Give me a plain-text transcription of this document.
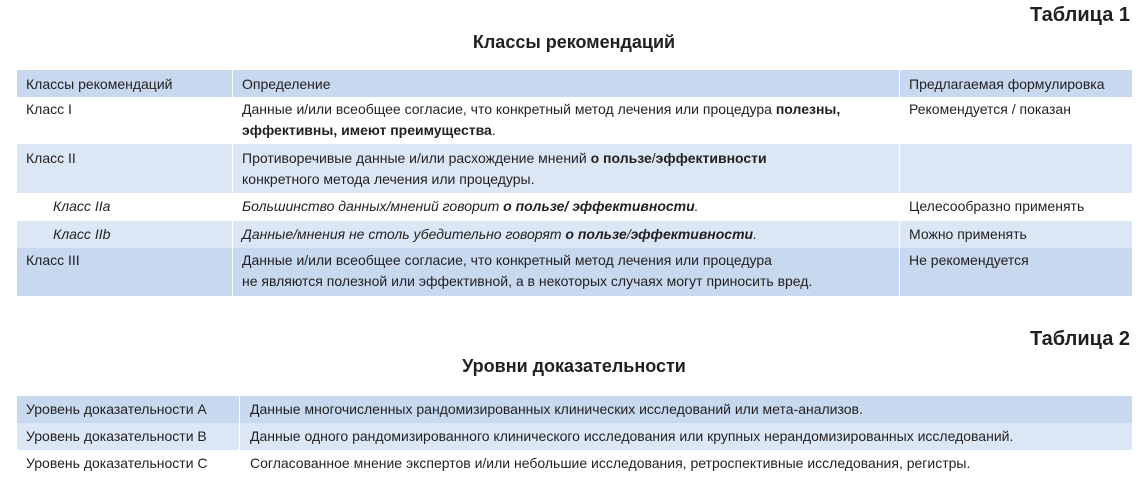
Таблица 1
Классы рекомендаций
Классы рекомендаций	Определение	Предлагаемая формулировка
Класс I	Данные и/или всеобщее согласие, что конкретный метод лечения или процедура полезны, эффективны, имеют преимущества.	Рекомендуется / показан
Класс II	Противоречивые данные и/или расхождение мнений о пользе/эффективности
конкретного метода лечения или процедуры.	
Класс IIa	Большинство данных/мнений говорит о пользе/ эффективности.	Целесообразно применять
Класс IIb	Данные/мнения не столь убедительно говорят о пользе/эффективности.	Можно применять
Класс III	Данные и/или всеобщее согласие, что конкретный метод лечения или процедура
не являются полезной или эффективной, а в некоторых случаях могут приносить вред.	Не рекомендуется
Таблица 2
Уровни доказательности
Уровень доказательности A	Данные многочисленных рандомизированных клинических исследований или мета-анализов.
Уровень доказательности B	Данные одного рандомизированного клинического исследования или крупных нерандомизированных исследований.
Уровень доказательности C	Согласованное мнение экспертов и/или небольшие исследования, ретроспективные исследования, регистры.
